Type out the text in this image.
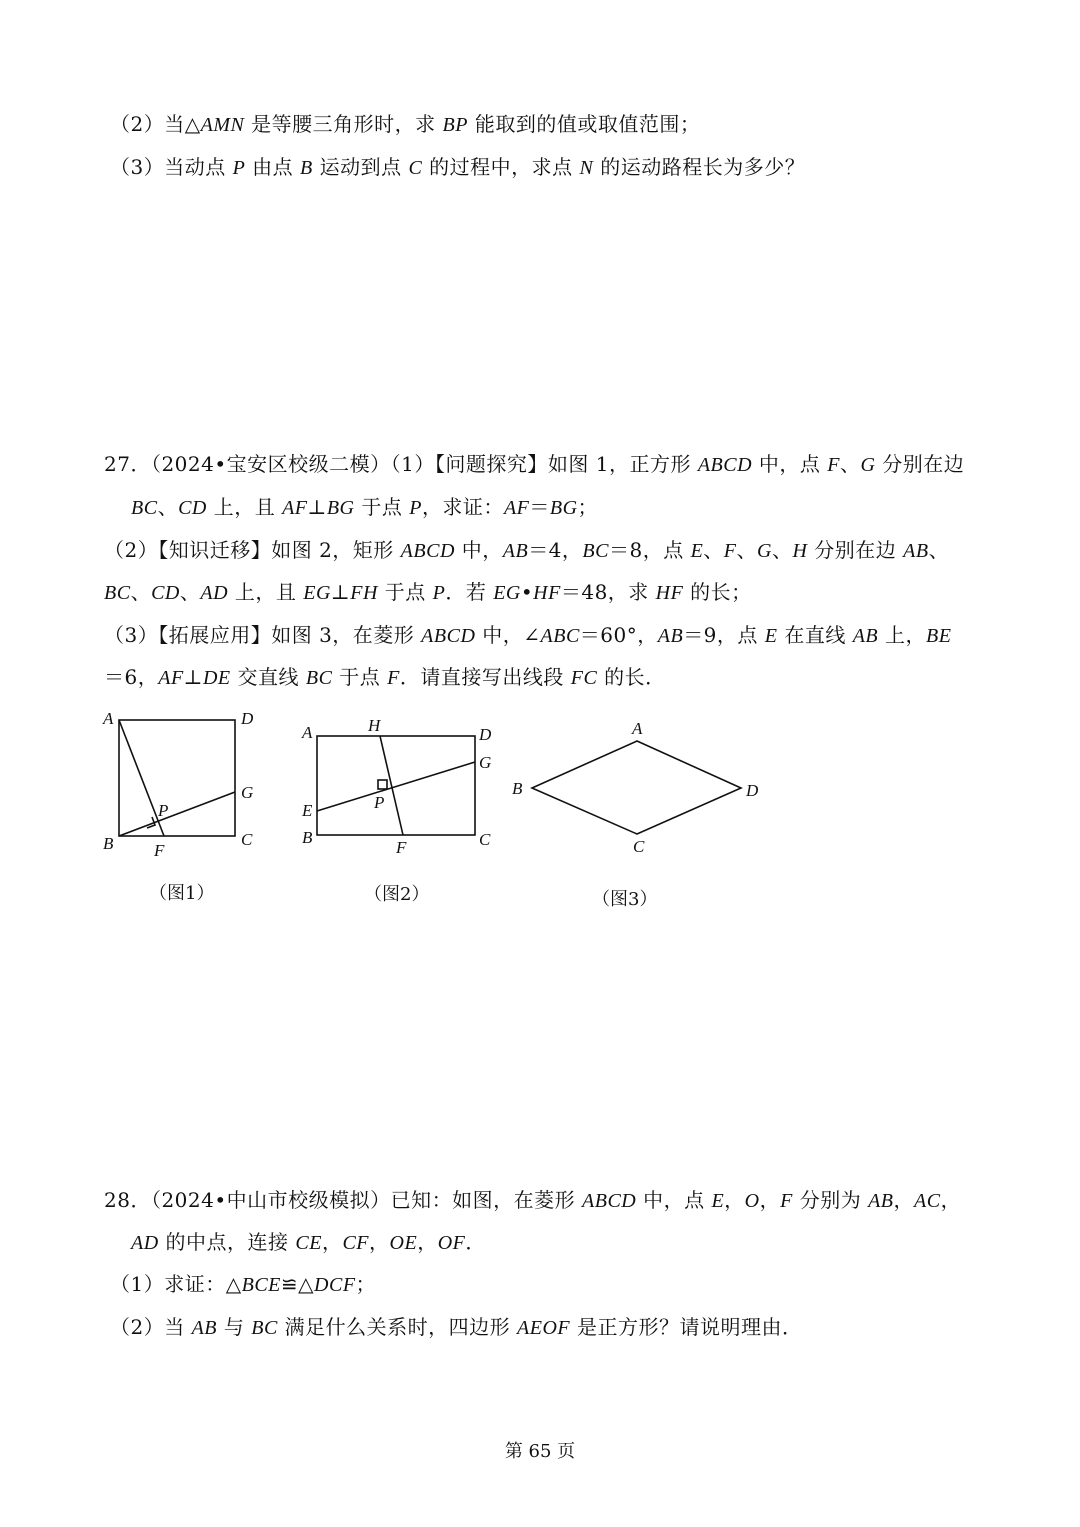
（2）当△AMN 是等腰三角形时，求 BP 能取到的值或取值范围；
（3）当动点 P 由点 B 运动到点 C 的过程中，求点 N 的运动路程长为多少？
27．（2024•宝安区校级二模）（1）【问题探究】如图 1，正方形 ABCD 中，点 F、G 分别在边
BC、CD 上，且 AF⊥BG 于点 P，求证：AF＝BG；
（2）【知识迁移】如图 2，矩形 ABCD 中，AB＝4，BC＝8，点 E、F、G、H 分别在边 AB、
BC、CD、AD 上，且 EG⊥FH 于点 P．若 EG•HF＝48，求 HF 的长；
（3）【拓展应用】如图 3，在菱形 ABCD 中，∠ABC＝60°，AB＝9，点 E 在直线 AB 上，BE
＝6，AF⊥DE 交直线 BC 于点 F．请直接写出线段 FC 的长．
A	D
G
P
B	C
F
A	H	D
G
P
E
B	C
F
A
B	D
C
（图1）	（图2）	（图3）
28．（2024•中山市校级模拟）已知：如图，在菱形 ABCD 中，点 E，O，F 分别为 AB，AC，
AD 的中点，连接 CE，CF，OE，OF．
（1）求证：△BCE≌△DCF；
（2）当 AB 与 BC 满足什么关系时，四边形 AEOF 是正方形？请说明理由．
第 65 页
